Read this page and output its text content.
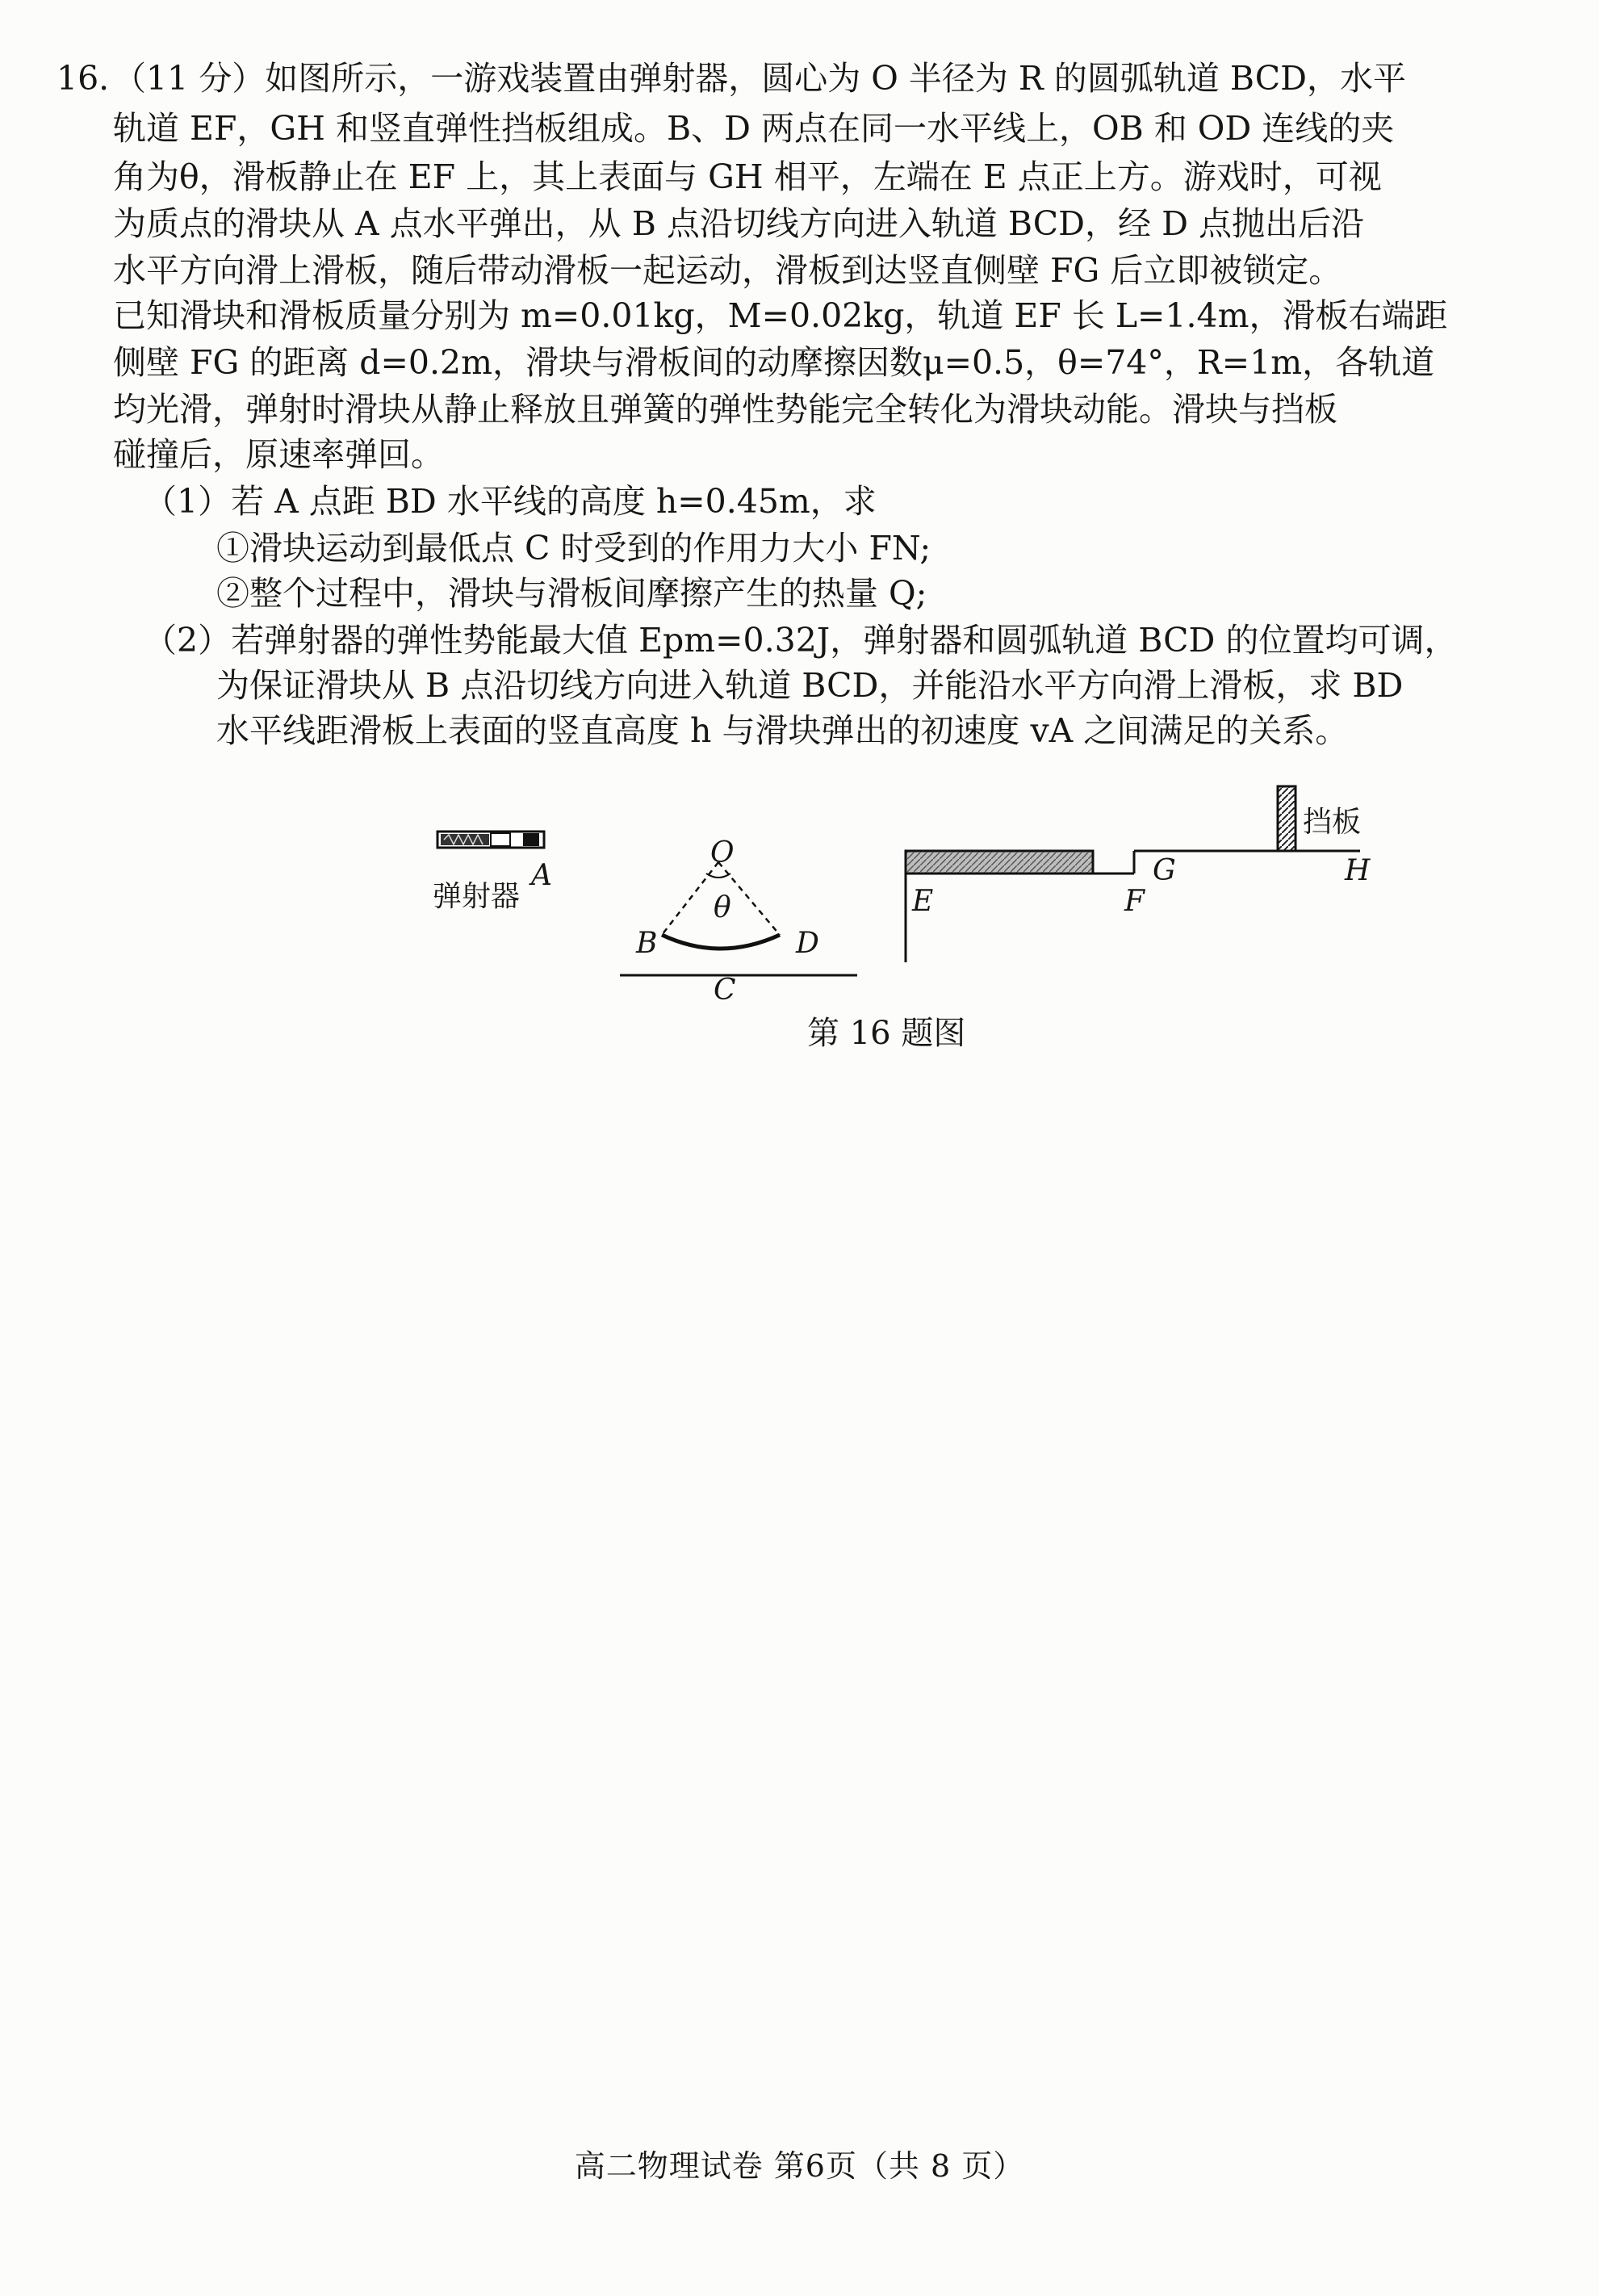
16. （11 分）如图所示，一游戏装置由弹射器，圆心为 O 半径为 R 的圆弧轨道 BCD，水平
轨道 EF，GH 和竖直弹性挡板组成。B、D 两点在同一水平线上，OB 和 OD 连线的夹
角为θ，滑板静止在 EF 上，其上表面与 GH 相平，左端在 E 点正上方。游戏时，可视
为质点的滑块从 A 点水平弹出，从 B 点沿切线方向进入轨道 BCD，经 D 点抛出后沿
水平方向滑上滑板，随后带动滑板一起运动，滑板到达竖直侧壁 FG 后立即被锁定。
已知滑块和滑板质量分别为 m=0.01kg，M=0.02kg，轨道 EF 长 L=1.4m，滑板右端距
侧壁 FG 的距离 d=0.2m，滑块与滑板间的动摩擦因数μ=0.5，θ=74°，R=1m，各轨道
均光滑，弹射时滑块从静止释放且弹簧的弹性势能完全转化为滑块动能。滑块与挡板
碰撞后，原速率弹回。
（1）若 A 点距 BD 水平线的高度 h=0.45m，求
①滑块运动到最低点 C 时受到的作用力大小 FN;
②整个过程中，滑块与滑板间摩擦产生的热量 Q;
（2）若弹射器的弹性势能最大值 Epm=0.32J，弹射器和圆弧轨道 BCD 的位置均可调，
为保证滑块从 B 点沿切线方向进入轨道 BCD，并能沿水平方向滑上滑板，求 BD
水平线距滑板上表面的竖直高度 h 与滑块弹出的初速度 vA 之间满足的关系。
弹射器
A
O
θ
B
C
D
E	F
G	H
挡板
第 16 题图
高二物理试卷 第6页（共 8 页）
